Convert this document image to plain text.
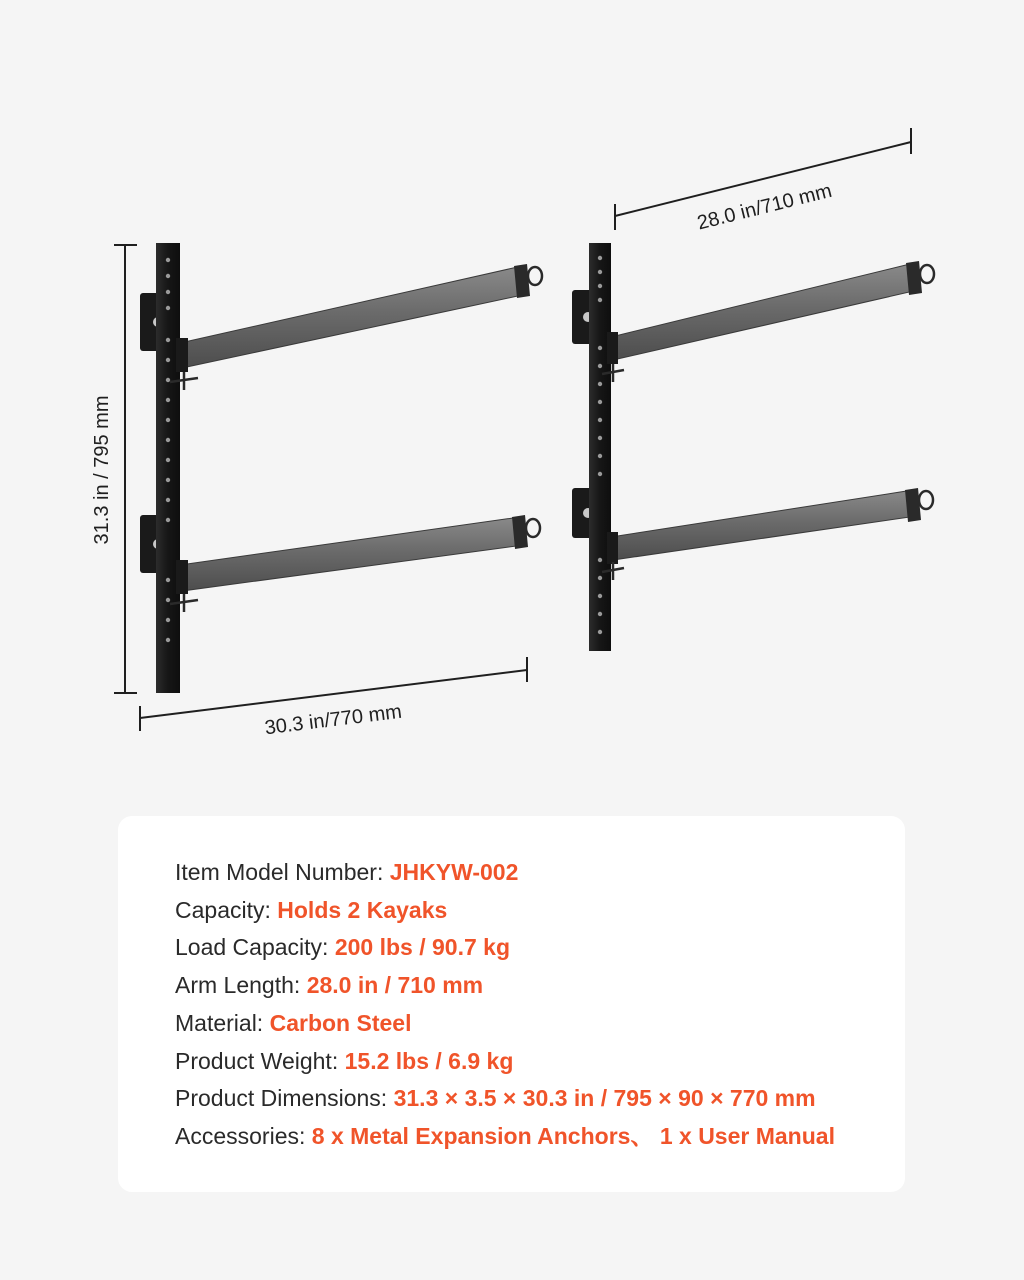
31.3 in / 795 mm
30.3 in/770 mm
28.0 in/710 mm
Item Model Number: JHKYW-002
Capacity: Holds 2 Kayaks
Load Capacity: 200 lbs / 90.7 kg
Arm Length: 28.0 in / 710 mm
Material: Carbon Steel
Product Weight: 15.2 lbs / 6.9 kg
Product Dimensions: 31.3 × 3.5 × 30.3 in / 795 × 90 × 770 mm
Accessories: 8 x Metal Expansion Anchors、 1 x User Manual
